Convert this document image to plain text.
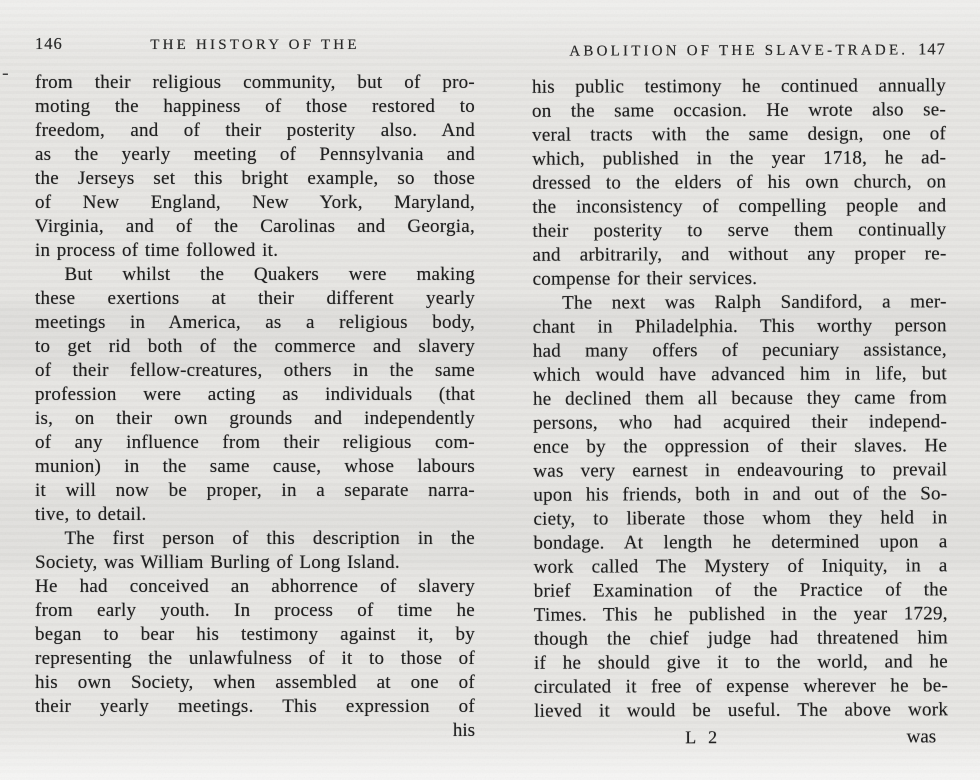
-
146	THE HISTORY OF THE
from their religious community, but of pro-
moting the happiness of those restored to
freedom, and of their posterity also. And
as the yearly meeting of Pennsylvania and
the Jerseys set this bright example, so those
of New England, New York, Maryland,
Virginia, and of the Carolinas and Georgia,
in process of time followed it.
But whilst the Quakers were making
these exertions at their different yearly
meetings in America, as a religious body,
to get rid both of the commerce and slavery
of their fellow-creatures, others in the same
profession were acting as individuals (that
is, on their own grounds and independently
of any influence from their religious com-
munion) in the same cause, whose labours
it will now be proper, in a separate narra-
tive, to detail.
The first person of this description in the
Society, was William Burling of Long Island.
He had conceived an abhorrence of slavery
from early youth. In process of time he
began to bear his testimony against it, by
representing the unlawfulness of it to those of
his own Society, when assembled at one of
their yearly meetings. This expression of
his
ABOLITION OF THE SLAVE-TRADE. 147
his public testimony he continued annually
on the same occasion. He wrote also se-
veral tracts with the same design, one of
which, published in the year 1718, he ad-
dressed to the elders of his own church, on
the inconsistency of compelling people and
their posterity to serve them continually
and arbitrarily, and without any proper re-
compense for their services.
The next was Ralph Sandiford, a mer-
chant in Philadelphia. This worthy person
had many offers of pecuniary assistance,
which would have advanced him in life, but
he declined them all because they came from
persons, who had acquired their independ-
ence by the oppression of their slaves. He
was very earnest in endeavouring to prevail
upon his friends, both in and out of the So-
ciety, to liberate those whom they held in
bondage. At length he determined upon a
work called The Mystery of Iniquity, in a
brief Examination of the Practice of the
Times. This he published in the year 1729,
though the chief judge had threatened him
if he should give it to the world, and he
circulated it free of expense wherever he be-
lieved it would be useful. The above work
L 2	was
